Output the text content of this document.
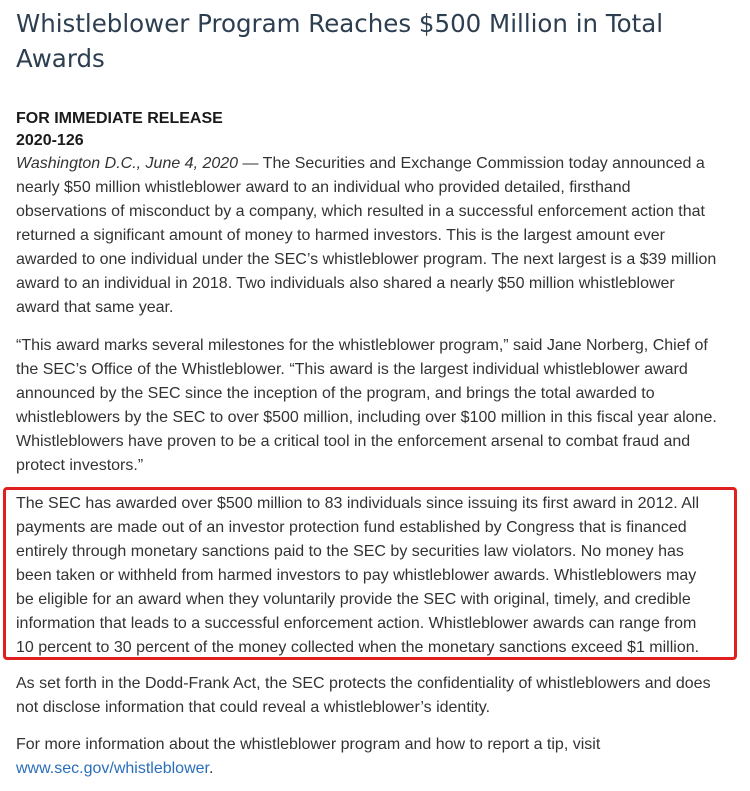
Whistleblower Program Reaches $500 Million in Total
Awards
FOR IMMEDIATE RELEASE
2020-126

Washington D.C., June 4, 2020 — The Securities and Exchange Commission today announced a
nearly $50 million whistleblower award to an individual who provided detailed, firsthand
observations of misconduct by a company, which resulted in a successful enforcement action that
returned a significant amount of money to harmed investors. This is the largest amount ever
awarded to one individual under the SEC’s whistleblower program. The next largest is a $39 million
award to an individual in 2018. Two individuals also shared a nearly $50 million whistleblower
award that same year.

“This award marks several milestones for the whistleblower program,” said Jane Norberg, Chief of
the SEC’s Office of the Whistleblower. “This award is the largest individual whistleblower award
announced by the SEC since the inception of the program, and brings the total awarded to
whistleblowers by the SEC to over $500 million, including over $100 million in this fiscal year alone.
Whistleblowers have proven to be a critical tool in the enforcement arsenal to combat fraud and
protect investors.”

The SEC has awarded over $500 million to 83 individuals since issuing its first award in 2012. All
payments are made out of an investor protection fund established by Congress that is financed
entirely through monetary sanctions paid to the SEC by securities law violators. No money has
been taken or withheld from harmed investors to pay whistleblower awards. Whistleblowers may
be eligible for an award when they voluntarily provide the SEC with original, timely, and credible
information that leads to a successful enforcement action. Whistleblower awards can range from
10 percent to 30 percent of the money collected when the monetary sanctions exceed $1 million.

As set forth in the Dodd-Frank Act, the SEC protects the confidentiality of whistleblowers and does
not disclose information that could reveal a whistleblower’s identity.

For more information about the whistleblower program and how to report a tip, visit
www.sec.gov/whistleblower.
